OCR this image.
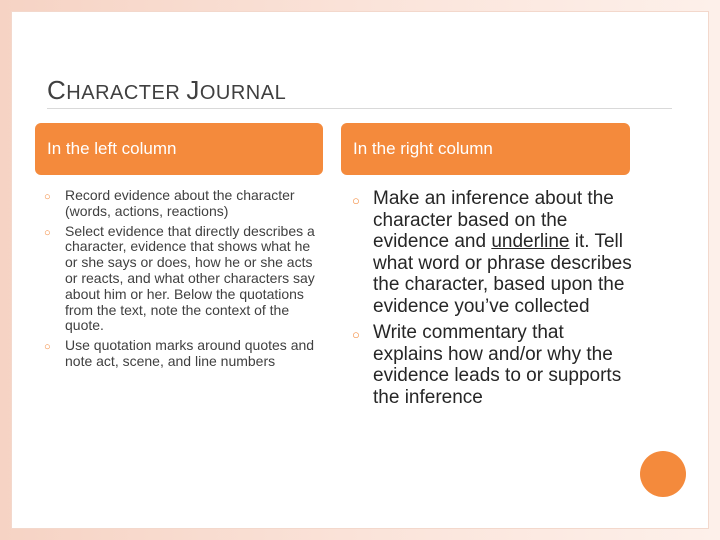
CHARACTER JOURNAL
In the left column	In the right column
○ Record evidence about the character (words, actions, reactions)
○ Select evidence that directly describes a character, evidence that shows what he or she says or does, how he or she acts or reacts, and what other characters say about him or her. Below the quotations from the text, note the context of the quote.
○ Use quotation marks around quotes and note act, scene, and line numbers
○ Make an inference about the character based on the evidence and underline it. Tell what word or phrase describes the character, based upon the evidence you’ve collected
○ Write commentary that explains how and/or why the evidence leads to or supports the inference
